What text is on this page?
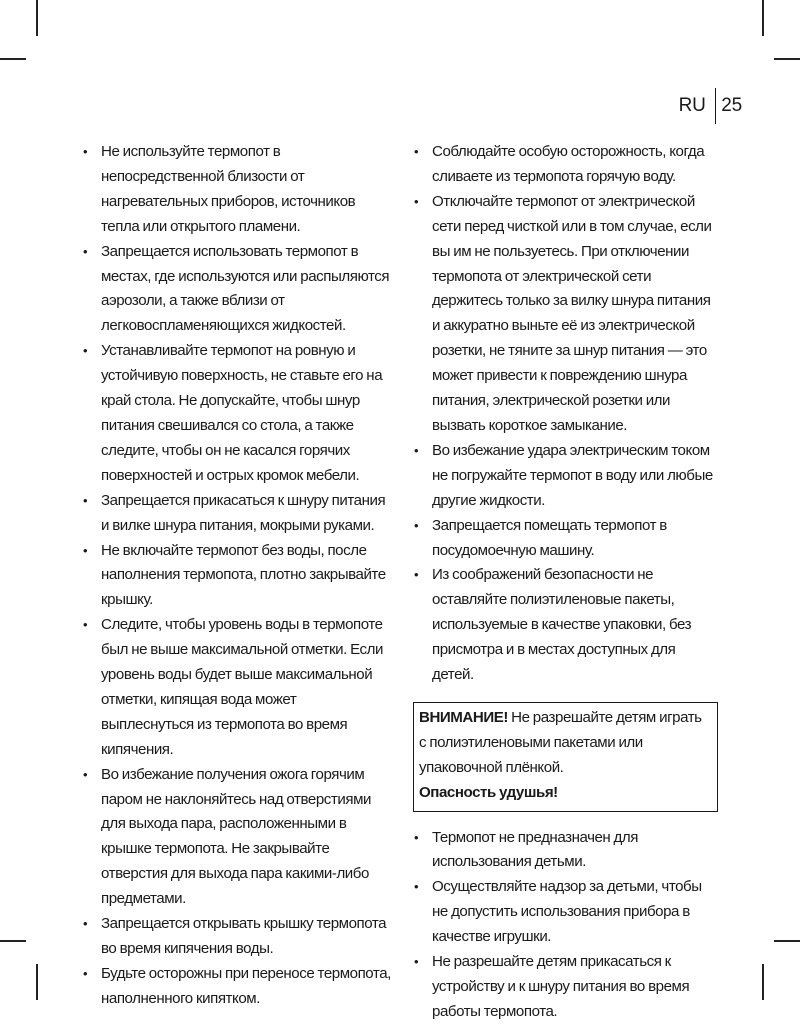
RU 25
• Не используйте термопот в непосредственной близости от нагревательных приборов, источников тепла или открытого пламени.
• Запрещается использовать термопот в местах, где используются или распыляются аэрозоли, а также вблизи от легковоспламеняющихся жидкостей.
• Устанавливайте термопот на ровную и устойчивую поверхность, не ставьте его на край стола. Не допускайте, чтобы шнур питания свешивался со стола, а также следите, чтобы он не касался горячих поверхностей и острых кромок мебели.
• Запрещается прикасаться к шнуру питания и вилке шнура питания, мокрыми руками.
• Не включайте термопот без воды, после наполнения термопота, плотно закрывайте крышку.
• Следите, чтобы уровень воды в термопоте был не выше максимальной отметки. Если уровень воды будет выше максимальной отметки, кипящая вода может выплеснуться из термопота во время кипячения.
• Во избежание получения ожога горячим паром не наклоняйтесь над отверстиями для выхода пара, расположенными в крышке термопота. Не закрывайте отверстия для выхода пара какими-либо предметами.
• Запрещается открывать крышку термопота во время кипячения воды.
• Будьте осторожны при переносе термопота, наполненного кипятком.
• Соблюдайте особую осторожность, когда сливаете из термопота горячую воду.
• Отключайте термопот от электрической сети перед чисткой или в том случае, если вы им не пользуетесь. При отключении термопота от электрической сети держитесь только за вилку шнура питания и аккуратно выньте её из электрической розетки, не тяните за шнур питания — это может привести к повреждению шнура питания, электрической розетки или вызвать короткое замыкание.
• Во избежание удара электрическим током не погружайте термопот в воду или любые другие жидкости.
• Запрещается помещать термопот в посудомоечную машину.
• Из соображений безопасности не оставляйте полиэтиленовые пакеты, используемые в качестве упаковки, без присмотра и в местах доступных для детей.
ВНИМАНИЕ! Не разрешайте детям играть с полиэтиленовыми пакетами или упаковочной плёнкой.
Опасность удушья!
• Термопот не предназначен для использования детьми.
• Осуществляйте надзор за детьми, чтобы не допустить использования прибора в качестве игрушки.
• Не разрешайте детям прикасаться к устройству и к шнуру питания во время работы термопота.
